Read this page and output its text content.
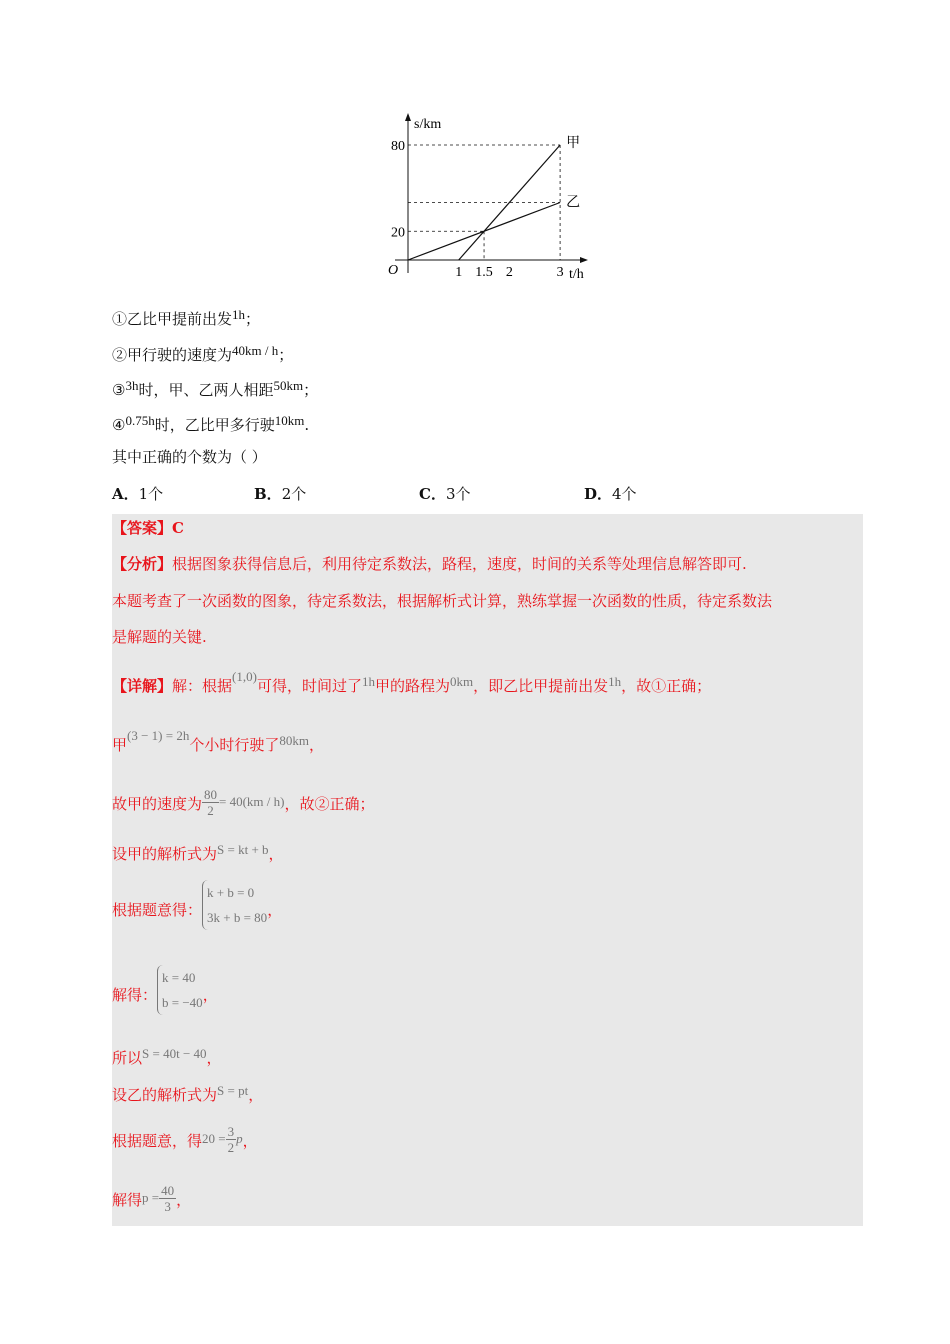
s/km
t/h
O
甲
乙
80
20
1 1.5 2	3
①乙比甲提前出发1h；
②甲行驶的速度为40km / h；
③3h时，甲、乙两人相距50km；
④0.75h时，乙比甲多行驶10km.
其中正确的个数为（ ）
A．1个	B．2个	C．3个	D．4个
【答案】C
【分析】根据图象获得信息后，利用待定系数法，路程，速度，时间的关系等处理信息解答即可.
本题考查了一次函数的图象，待定系数法，根据解析式计算，熟练掌握一次函数的性质，待定系数法
是解题的关键.
【详解】解：根据(1,0)可得，时间过了1h甲的路程为0km，即乙比甲提前出发1h，故①正确；
甲(3 − 1) = 2h个小时行驶了80km，
故甲的速度为 $\frac{80}{2} = 40(km / h)$，故②正确；
设甲的解析式为S = kt + b，
根据题意得：
k + b = 0
3k + b = 80 ，
解得：
k = 40
b = −40 ，
所以S = 40t − 40，
设乙的解析式为S = pt，
根据题意，得$20 = \frac{3}{2}$ p，
解得$p = \frac{40}{3}$ ，
